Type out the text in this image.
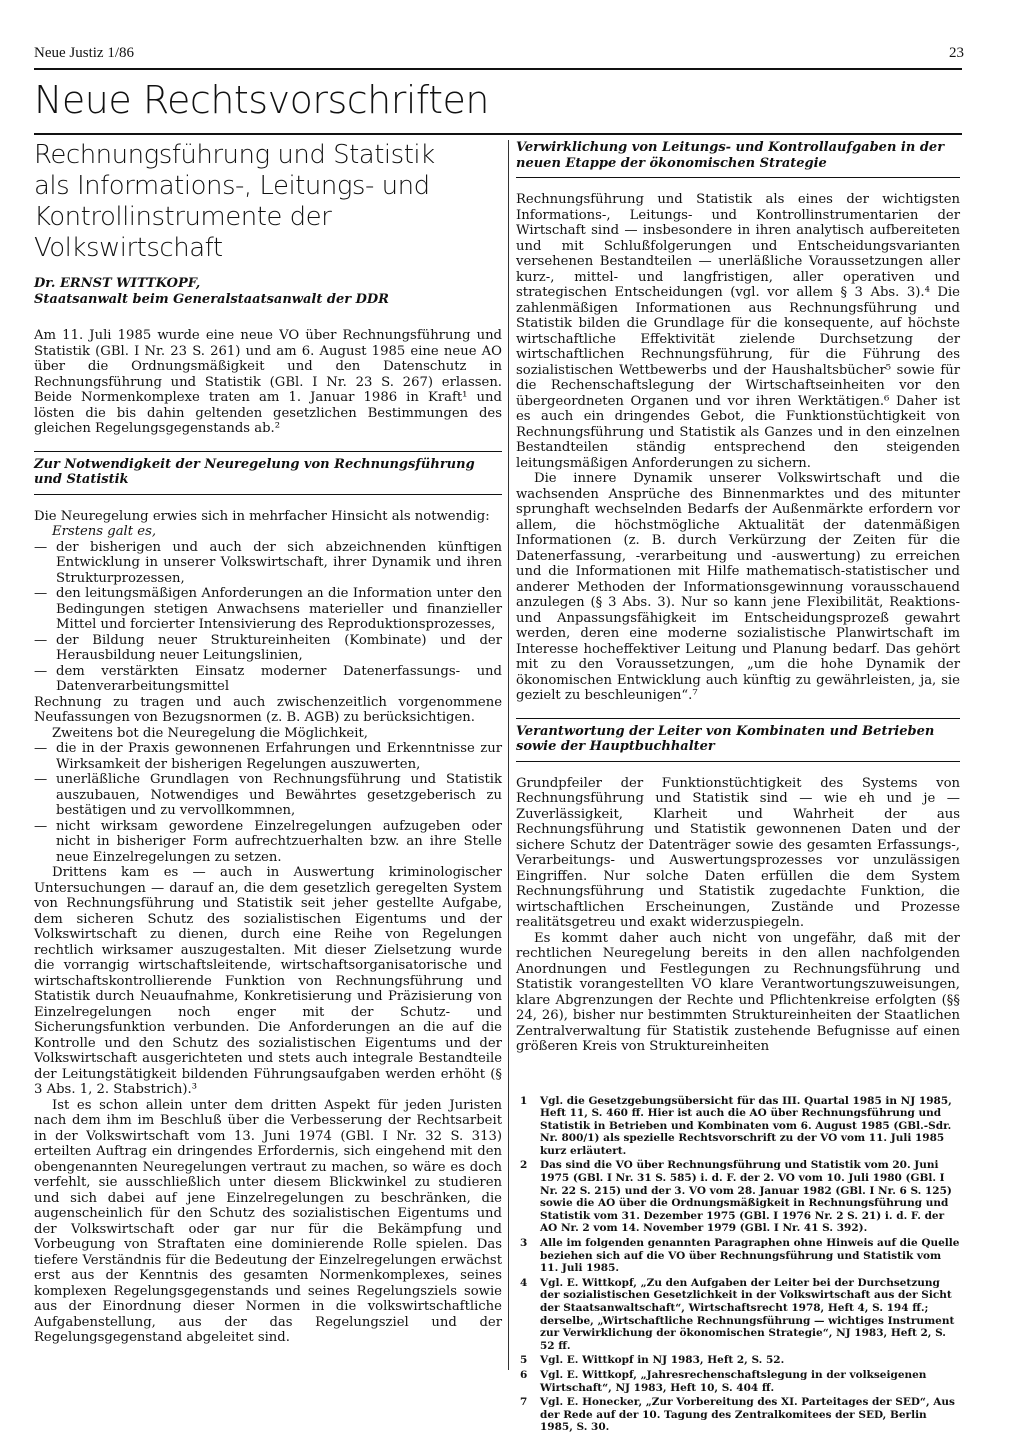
Neue Justiz 1/86	23
Neue Rechtsvorschriften
Rechnungsführung und Statistik
als Informations-, Leitungs- und
Kontrollinstrumente der Volkswirtschaft
Dr. ERNST WITTKOPF,
Staatsanwalt beim Generalstaatsanwalt der DDR

Am 11. Juli 1985 wurde eine neue VO über Rechnungsführung und Statistik (GBl. I Nr. 23 S. 261) und am 6. August 1985 eine neue AO über die Ordnungsmäßigkeit und den Datenschutz in Rechnungsführung und Statistik (GBl. I Nr. 23 S. 267) erlassen. Beide Normenkomplexe traten am 1. Januar 1986 in Kraft¹ und lösten die bis dahin geltenden gesetzlichen Bestimmungen des gleichen Regelungsgegenstands ab.²

Zur Notwendigkeit der Neuregelung von Rechnungsführung und Statistik

Die Neuregelung erwies sich in mehrfacher Hinsicht als notwendig:

Erstens galt es,

— der bisherigen und auch der sich abzeichnenden künftigen Entwicklung in unserer Volkswirtschaft, ihrer Dynamik und ihren Strukturprozessen,
— den leitungsmäßigen Anforderungen an die Information unter den Bedingungen stetigen Anwachsens materieller und finanzieller Mittel und forcierter Intensivierung des Reproduktionsprozesses,
— der Bildung neuer Struktureinheiten (Kombinate) und der Herausbildung neuer Leitungslinien,
— dem verstärkten Einsatz moderner Datenerfassungs- und Datenverarbeitungsmittel

Rechnung zu tragen und auch zwischenzeitlich vorgenommene Neufassungen von Bezugsnormen (z. B. AGB) zu berücksichtigen.

Zweitens bot die Neuregelung die Möglichkeit,

— die in der Praxis gewonnenen Erfahrungen und Erkenntnisse zur Wirksamkeit der bisherigen Regelungen auszuwerten,
— unerläßliche Grundlagen von Rechnungsführung und Statistik auszubauen, Notwendiges und Bewährtes gesetzgeberisch zu bestätigen und zu vervollkommnen,
— nicht wirksam gewordene Einzelregelungen aufzugeben oder nicht in bisheriger Form aufrechtzuerhalten bzw. an ihre Stelle neue Einzelregelungen zu setzen.

Drittens kam es — auch in Auswertung kriminologischer Untersuchungen — darauf an, die dem gesetzlich geregelten System von Rechnungsführung und Statistik seit jeher gestellte Aufgabe, dem sicheren Schutz des sozialistischen Eigentums und der Volkswirtschaft zu dienen, durch eine Reihe von Regelungen rechtlich wirksamer auszugestalten. Mit dieser Zielsetzung wurde die vorrangig wirtschaftsleitende, wirtschaftsorganisatorische und wirtschaftskontrollierende Funktion von Rechnungsführung und Statistik durch Neuaufnahme, Konkretisierung und Präzisierung von Einzelregelungen noch enger mit der Schutz- und Sicherungsfunktion verbunden. Die Anforderungen an die auf die Kontrolle und den Schutz des sozialistischen Eigentums und der Volkswirtschaft ausgerichteten und stets auch integrale Bestandteile der Leitungstätigkeit bildenden Führungsaufgaben werden erhöht (§ 3 Abs. 1, 2. Stabstrich).³

Ist es schon allein unter dem dritten Aspekt für jeden Juristen nach dem ihm im Beschluß über die Verbesserung der Rechtsarbeit in der Volkswirtschaft vom 13. Juni 1974 (GBl. I Nr. 32 S. 313) erteilten Auftrag ein dringendes Erfordernis, sich eingehend mit den obengenannten Neuregelungen vertraut zu machen, so wäre es doch verfehlt, sie ausschließlich unter diesem Blickwinkel zu studieren und sich dabei auf jene Einzelregelungen zu beschränken, die augenscheinlich für den Schutz des sozialistischen Eigentums und der Volkswirtschaft oder gar nur für die Bekämpfung und Vorbeugung von Straftaten eine dominierende Rolle spielen. Das tiefere Verständnis für die Bedeutung der Einzelregelungen erwächst erst aus der Kenntnis des gesamten Normenkomplexes, seines komplexen Regelungsgegenstands und seines Regelungsziels sowie aus der Einordnung dieser Normen in die volkswirtschaftliche Aufgabenstellung, aus der das Regelungsziel und der Regelungsgegenstand abgeleitet sind.

Verwirklichung von Leitungs- und Kontrollaufgaben in der neuen Etappe der ökonomischen Strategie

Rechnungsführung und Statistik als eines der wichtigsten Informations-, Leitungs- und Kontrollinstrumentarien der Wirtschaft sind — insbesondere in ihren analytisch aufbereiteten und mit Schlußfolgerungen und Entscheidungsvarianten versehenen Bestandteilen — unerläßliche Voraussetzungen aller kurz-, mittel- und langfristigen, aller operativen und strategischen Entscheidungen (vgl. vor allem § 3 Abs. 3).⁴ Die zahlenmäßigen Informationen aus Rechnungsführung und Statistik bilden die Grundlage für die konsequente, auf höchste wirtschaftliche Effektivität zielende Durchsetzung der wirtschaftlichen Rechnungsführung, für die Führung des sozialistischen Wettbewerbs und der Haushaltsbücher⁵ sowie für die Rechenschaftslegung der Wirtschaftseinheiten vor den übergeordneten Organen und vor ihren Werktätigen.⁶ Daher ist es auch ein dringendes Gebot, die Funktionstüchtigkeit von Rechnungsführung und Statistik als Ganzes und in den einzelnen Bestandteilen ständig entsprechend den steigenden leitungsmäßigen Anforderungen zu sichern.

Die innere Dynamik unserer Volkswirtschaft und die wachsenden Ansprüche des Binnenmarktes und des mitunter sprunghaft wechselnden Bedarfs der Außenmärkte erfordern vor allem, die höchstmögliche Aktualität der datenmäßigen Informationen (z. B. durch Verkürzung der Zeiten für die Datenerfassung, -verarbeitung und -auswertung) zu erreichen und die Informationen mit Hilfe mathematisch-statistischer und anderer Methoden der Informationsgewinnung vorausschauend anzulegen (§ 3 Abs. 3). Nur so kann jene Flexibilität, Reaktions- und Anpassungsfähigkeit im Entscheidungsprozeß gewahrt werden, deren eine moderne sozialistische Planwirtschaft im Interesse hocheffektiver Leitung und Planung bedarf. Das gehört mit zu den Voraussetzungen, „um die hohe Dynamik der ökonomischen Entwicklung auch künftig zu gewährleisten, ja, sie gezielt zu beschleunigen“.⁷

Verantwortung der Leiter von Kombinaten und Betrieben sowie der Hauptbuchhalter

Grundpfeiler der Funktionstüchtigkeit des Systems von Rechnungsführung und Statistik sind — wie eh und je — Zuverlässigkeit, Klarheit und Wahrheit der aus Rechnungsführung und Statistik gewonnenen Daten und der sichere Schutz der Datenträger sowie des gesamten Erfassungs-, Verarbeitungs- und Auswertungsprozesses vor unzulässigen Eingriffen. Nur solche Daten erfüllen die dem System Rechnungsführung und Statistik zugedachte Funktion, die wirtschaftlichen Erscheinungen, Zustände und Prozesse realitätsgetreu und exakt widerzuspiegeln.

Es kommt daher auch nicht von ungefähr, daß mit der rechtlichen Neuregelung bereits in den allen nachfolgenden Anordnungen und Festlegungen zu Rechnungsführung und Statistik vorangestellten VO klare Verantwortungszuweisungen, klare Abgrenzungen der Rechte und Pflichtenkreise erfolgten (§§ 24, 26), bisher nur bestimmten Struktureinheiten der Staatlichen Zentralverwaltung für Statistik zustehende Befugnisse auf einen größeren Kreis von Struktureinheiten

1 Vgl. die Gesetzgebungsübersicht für das III. Quartal 1985 in NJ 1985, Heft 11, S. 460 ff. Hier ist auch die AO über Rechnungsführung und Statistik in Betrieben und Kombinaten vom 6. August 1985 (GBl.-Sdr. Nr. 800/1) als spezielle Rechtsvorschrift zu der VO vom 11. Juli 1985 kurz erläutert.
2 Das sind die VO über Rechnungsführung und Statistik vom 20. Juni 1975 (GBl. I Nr. 31 S. 585) i. d. F. der 2. VO vom 10. Juli 1980 (GBl. I Nr. 22 S. 215) und der 3. VO vom 28. Januar 1982 (GBl. I Nr. 6 S. 125) sowie die AO über die Ordnungsmäßigkeit in Rechnungsführung und Statistik vom 31. Dezember 1975 (GBl. I 1976 Nr. 2 S. 21) i. d. F. der AO Nr. 2 vom 14. November 1979 (GBl. I Nr. 41 S. 392).
3 Alle im folgenden genannten Paragraphen ohne Hinweis auf die Quelle beziehen sich auf die VO über Rechnungsführung und Statistik vom 11. Juli 1985.
4 Vgl. E. Wittkopf, „Zu den Aufgaben der Leiter bei der Durchsetzung der sozialistischen Gesetzlichkeit in der Volkswirtschaft aus der Sicht der Staatsanwaltschaft“, Wirtschaftsrecht 1978, Heft 4, S. 194 ff.; derselbe, „Wirtschaftliche Rechnungsführung — wichtiges Instrument zur Verwirklichung der ökonomischen Strategie“, NJ 1983, Heft 2, S. 52 ff.
5 Vgl. E. Wittkopf in NJ 1983, Heft 2, S. 52.
6 Vgl. E. Wittkopf, „Jahresrechenschaftslegung in der volkseigenen Wirtschaft“, NJ 1983, Heft 10, S. 404 ff.
7 Vgl. E. Honecker, „Zur Vorbereitung des XI. Parteitages der SED“, Aus der Rede auf der 10. Tagung des Zentralkomitees der SED, Berlin 1985, S. 30.
